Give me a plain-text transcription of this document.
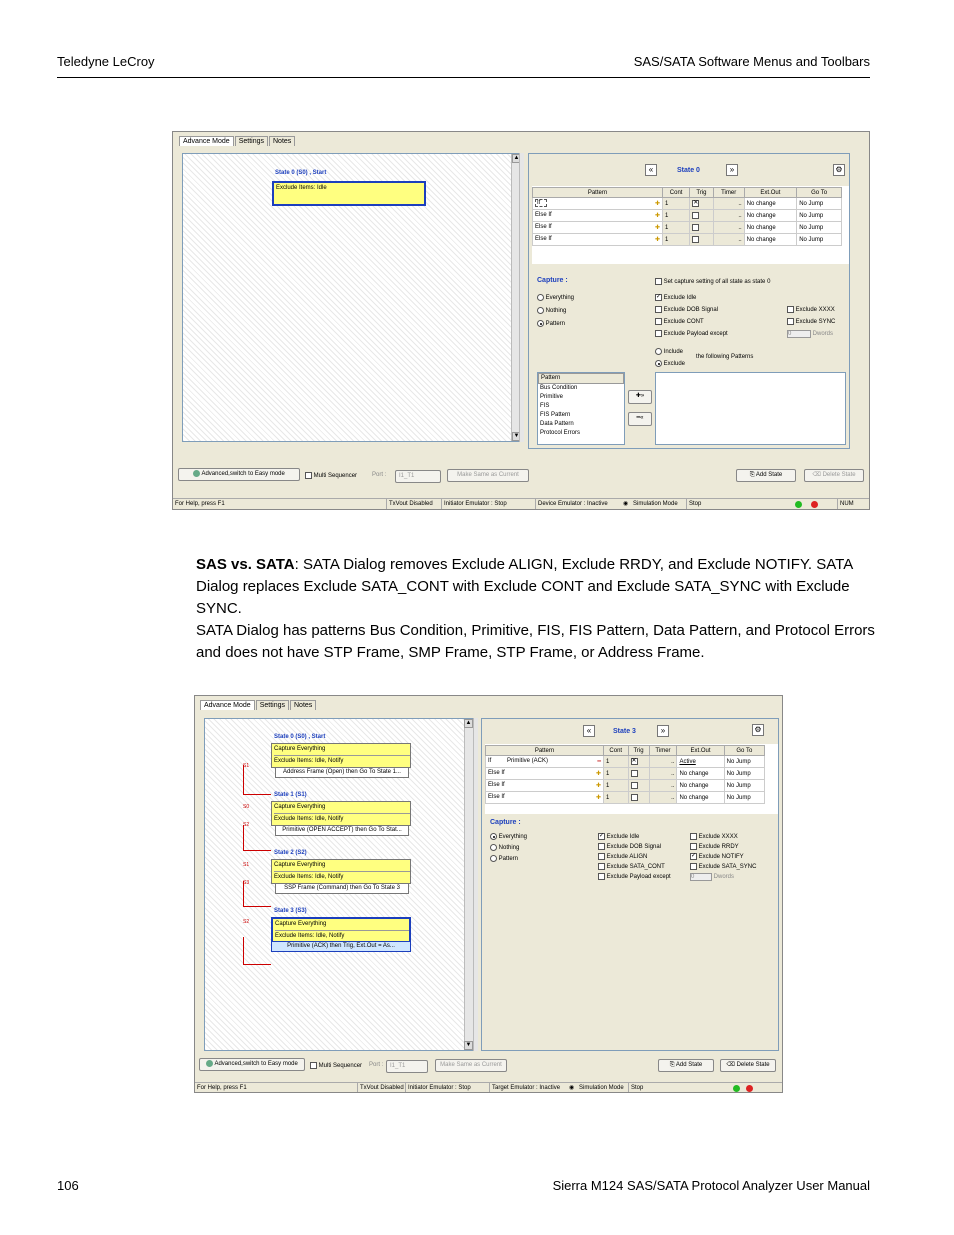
Teledyne LeCroy	SAS/SATA Software Menus and Toolbars
Advance Mode	Settings	Notes
State 0 (S0) , Start
Exclude Items: Idle
▲
▼
«	State 0	»	⚙
Pattern	Cont	Trig	Timer	Ext.Out	Go To
If ✚	1	✕	..	No change	No Jump
Else If ✚	1		..	No change	No Jump
Else If ✚	1		..	No change	No Jump
Else If ✚	1		..	No change	No Jump
Capture :
Everything
Nothing
Pattern
Set capture setting of all state as state 0
✓ Exclude Idle
Exclude DOB Signal
Exclude CONT
Exclude Payload except
Exclude XXXX
Exclude SYNC
0	Dwords
Include
Exclude
the following Patterns
Pattern
Bus Condition
Primitive
FIS
FIS Pattern
Data Pattern
Protocol Errors
✚»
━«
Advanced,switch to Easy mode	Multi Sequencer Port :	I1_T1	Make Same as Current	⎘ Add State	⌫ Delete State
For Help, press F1	TxVout Disabled	Initiator Emulator : Stop	Device Emulator : Inactive	◉ Simulation Mode	Stop	NUM

SAS vs. SATA: SATA Dialog removes Exclude ALIGN, Exclude RRDY, and Exclude NOTIFY. SATA Dialog replaces Exclude SATA_CONT with Exclude CONT and Exclude SATA_SYNC with Exclude SYNC.

SATA Dialog has patterns Bus Condition, Primitive, FIS, FIS Pattern, Data Pattern, and Protocol Errors and does not have STP Frame, SMP Frame, STP Frame, or Address Frame.

Advance Mode	Settings	Notes
▲
▼
S1
S0
S2
S1
S3
S2
State 0 (S0) , Start
Capture Everything
Exclude Items: Idle, Notify
Address Frame (Open) then Go To State 1...
State 1 (S1)
Capture Everything
Exclude Items: Idle, Notify
Primitive (OPEN ACCEPT) then Go To Stat...
State 2 (S2)
Capture Everything
Exclude Items: Idle, Notify
SSP Frame (Command) then Go To State 3
State 3 (S3)
Capture Everything
Exclude Items: Idle, Notify
Primitive (ACK) then Trig, Ext.Out = As...
«	State 3	»	⚙
Pattern	Cont	Trig	Timer	Ext.Out	Go To
If Primitive (ACK) ━	1	✕	..	Active	No Jump
Else If ✚	1		..	No change	No Jump
Else If ✚	1		..	No change	No Jump
Else If ✚	1		..	No change	No Jump
Capture :
Everything
Nothing
Pattern
✓ Exclude Idle
Exclude DOB Signal
Exclude ALIGN
Exclude SATA_CONT
Exclude Payload except
Exclude XXXX
Exclude RRDY
✓ Exclude NOTIFY
Exclude SATA_SYNC
0	Dwords
Advanced,switch to Easy mode	Multi Sequencer Port :	I1_T1	Make Same as Current	⎘ Add State	⌫ Delete State
For Help, press F1	TxVout Disabled Initiator Emulator : Stop	Target Emulator : Inactive	◉ Simulation Mode	Stop
106	Sierra M124 SAS/SATA Protocol Analyzer User Manual
